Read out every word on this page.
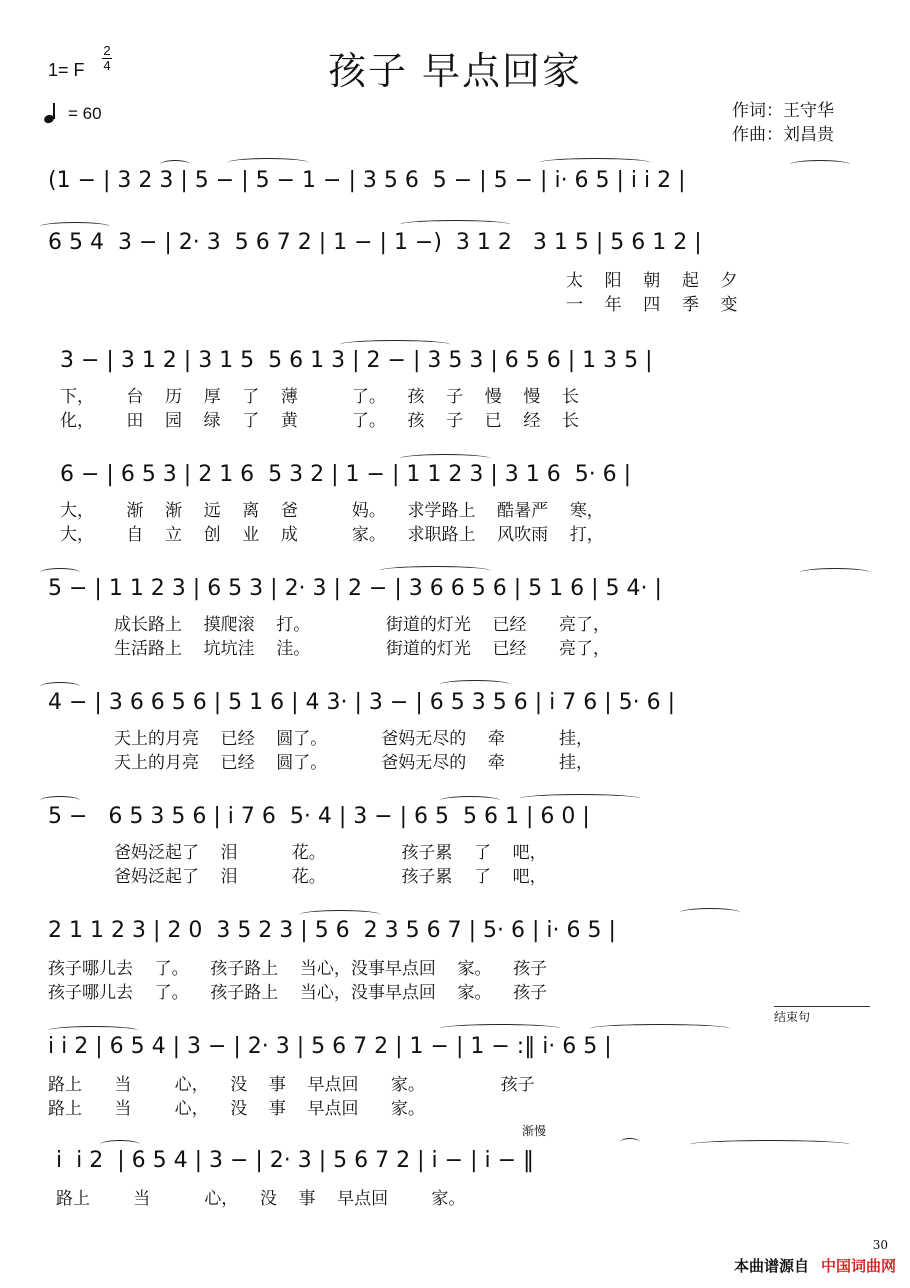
孩子 早点回家
1= F
2
4
= 60	作词：王守华
作曲：刘昌贵
(1 − | 3 2 3 | 5 − | 5 − 1 − | 3 5 6  5 − | 5 − | i· 6 5 | i i 2 |
6 5 4  3 − | 2· 3  5 6 7 2 | 1 − | 1 −)  3 1 2   3 1 5 | 5 6 1 2 |
太    阳    朝    起    夕
一    年    四    季    变
3 − | 3 1 2 | 3 1 5  5 6 1 3 | 2 − | 3 5 3 | 6 5 6 | 1 3 5 |
下，      台    历    厚    了    薄          了。    孩    子    慢    慢    长
化，      田    园    绿    了    黄          了。    孩    子    已    经    长
6 − | 6 5 3 | 2 1 6  5 3 2 | 1 − | 1 1 2 3 | 3 1 6  5· 6 |
大，      渐    渐    远    离    爸          妈。    求学路上    酷暑严    寒，
大，      自    立    创    业    成          家。    求职路上    风吹雨    打，
5 − | 1 1 2 3 | 6 5 3 | 2· 3 | 2 − | 3 6 6 5 6 | 5 1 6 | 5 4· |
成长路上    摸爬滚    打。              街道的灯光    已经      亮了，
生活路上    坑坑洼    洼。              街道的灯光    已经      亮了，
4 − | 3 6 6 5 6 | 5 1 6 | 4 3· | 3 − | 6 5 3 5 6 | i 7 6 | 5· 6 |
天上的月亮    已经    圆了。          爸妈无尽的    牵          挂，
天上的月亮    已经    圆了。          爸妈无尽的    牵          挂，
5 −   6 5 3 5 6 | i 7 6  5· 4 | 3 − | 6 5  5 6 1 | 6 0 |
爸妈泛起了    泪          花。              孩子累    了    吧，
爸妈泛起了    泪          花。              孩子累    了    吧，
2 1 1 2 3 | 2 0  3 5 2 3 | 5 6  2 3 5 6 7 | 5· 6 | i· 6 5 |
孩子哪儿去    了。    孩子路上    当心，没事早点回    家。    孩子
孩子哪儿去    了。    孩子路上    当心，没事早点回    家。    孩子
结束句
i i 2 | 6 5 4 | 3 − | 2· 3 | 5 6 7 2 | 1 − | 1 − :‖ i· 6 5 |
路上      当        心，    没    事    早点回      家。              孩子
路上      当        心，    没    事    早点回      家。
渐慢
i  i 2  | 6 5 4 | 3 − | 2· 3 | 5 6 7 2 | i − | i − ‖
路上        当          心，    没    事    早点回        家。
30
本曲谱源自 中国词曲网
